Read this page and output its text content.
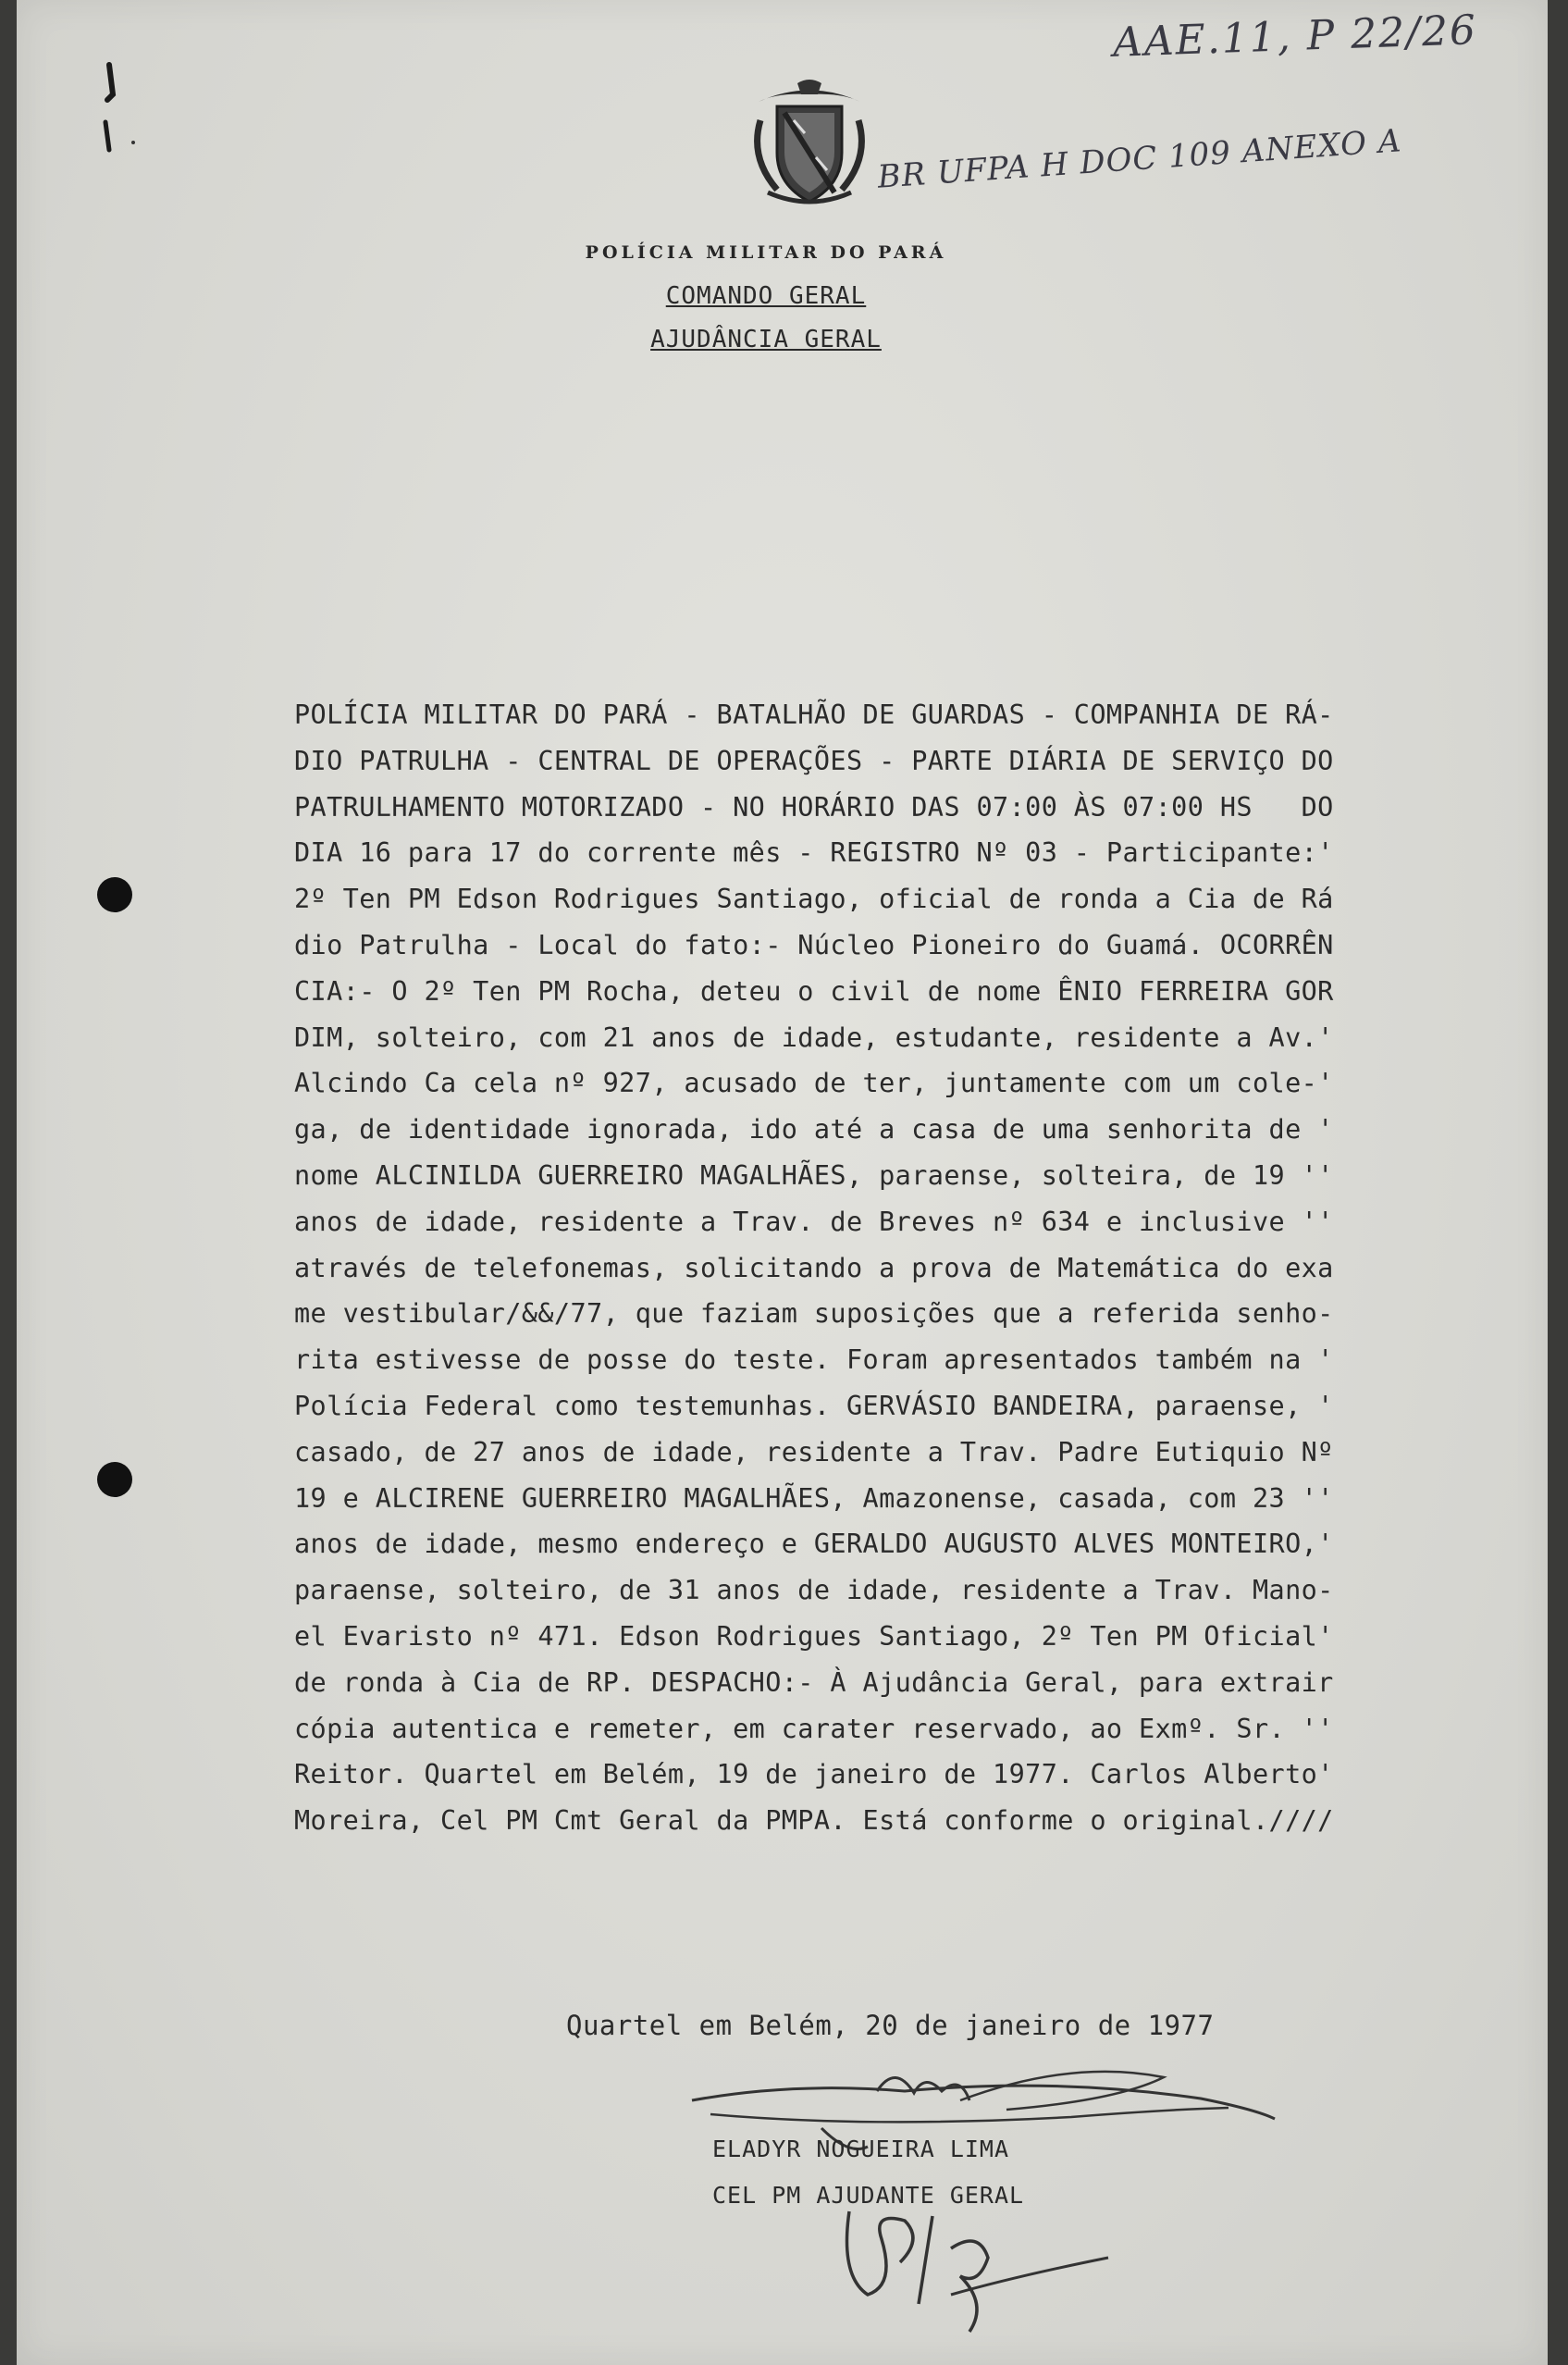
AAE.11, P 22/26
BR UFPA H DOC 109 ANEXO A
POLÍCIA MILITAR DO PARÁ
COMANDO GERAL
AJUDÂNCIA GERAL
POLÍCIA MILITAR DO PARÁ - BATALHÃO DE GUARDAS - COMPANHIA DE RÁ-
DIO PATRULHA - CENTRAL DE OPERAÇÕES - PARTE DIÁRIA DE SERVIÇO DO
PATRULHAMENTO MOTORIZADO - NO HORÁRIO DAS 07:00 ÀS 07:00 HS   DO
DIA 16 para 17 do corrente mês - REGISTRO Nº 03 - Participante:'
2º Ten PM Edson Rodrigues Santiago, oficial de ronda a Cia de Rá
dio Patrulha - Local do fato:- Núcleo Pioneiro do Guamá. OCORRÊN
CIA:- O 2º Ten PM Rocha, deteu o civil de nome ÊNIO FERREIRA GOR
DIM, solteiro, com 21 anos de idade, estudante, residente a Av.'
Alcindo Ca cela nº 927, acusado de ter, juntamente com um cole-'
ga, de identidade ignorada, ido até a casa de uma senhorita de '
nome ALCINILDA GUERREIRO MAGALHÃES, paraense, solteira, de 19 ''
anos de idade, residente a Trav. de Breves nº 634 e inclusive ''
através de telefonemas, solicitando a prova de Matemática do exa
me vestibular/&&/77, que faziam suposições que a referida senho-
rita estivesse de posse do teste. Foram apresentados também na '
Polícia Federal como testemunhas. GERVÁSIO BANDEIRA, paraense, '
casado, de 27 anos de idade, residente a Trav. Padre Eutiquio Nº
19 e ALCIRENE GUERREIRO MAGALHÃES, Amazonense, casada, com 23 ''
anos de idade, mesmo endereço e GERALDO AUGUSTO ALVES MONTEIRO,'
paraense, solteiro, de 31 anos de idade, residente a Trav. Mano-
el Evaristo nº 471. Edson Rodrigues Santiago, 2º Ten PM Oficial'
de ronda à Cia de RP. DESPACHO:- À Ajudância Geral, para extrair
cópia autentica e remeter, em carater reservado, ao Exmº. Sr. ''
Reitor. Quartel em Belém, 19 de janeiro de 1977. Carlos Alberto'
Moreira, Cel PM Cmt Geral da PMPA. Está conforme o original.////
Quartel em Belém, 20 de janeiro de 1977
ELADYR NOGUEIRA LIMA
CEL PM AJUDANTE GERAL
